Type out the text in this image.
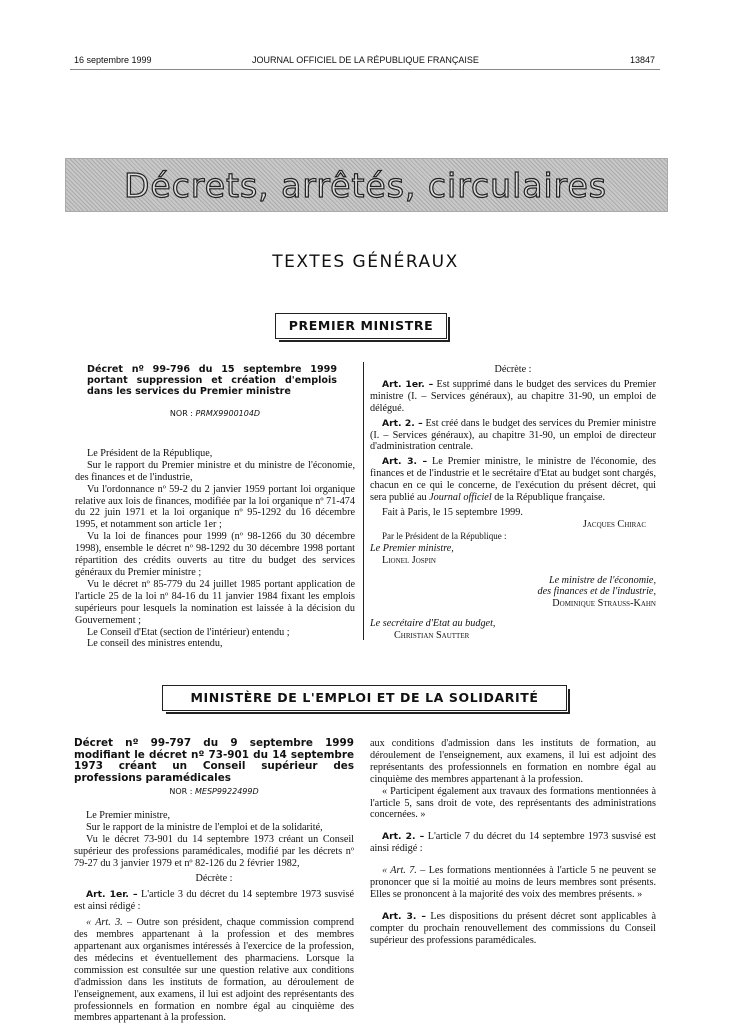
16 septembre 1999	JOURNAL OFFICIEL DE LA RÉPUBLIQUE FRANÇAISE	13847
Décrets, arrêtés, circulaires
TEXTES GÉNÉRAUX
PREMIER MINISTRE
Décret nº 99-796 du 15 septembre 1999 portant suppression et création d'emplois dans les services du Premier ministre
NOR : PRMX9900104D

Le Président de la République,

Sur le rapport du Premier ministre et du ministre de l'économie, des finances et de l'industrie,

Vu l'ordonnance nº 59-2 du 2 janvier 1959 portant loi organique relative aux lois de finances, modifiée par la loi organique nº 71-474 du 22 juin 1971 et la loi organique nº 95-1292 du 16 décembre 1995, et notamment son article 1er ;

Vu la loi de finances pour 1999 (nº 98-1266 du 30 décembre 1998), ensemble le décret nº 98-1292 du 30 décembre 1998 portant répartition des crédits ouverts au titre du budget des services généraux du Premier ministre ;

Vu le décret nº 85-779 du 24 juillet 1985 portant application de l'article 25 de la loi nº 84-16 du 11 janvier 1984 fixant les emplois supérieurs pour lesquels la nomination est laissée à la décision du Gouvernement ;

Le Conseil d'Etat (section de l'intérieur) entendu ;

Le conseil des ministres entendu,

Décrète :

Art. 1er. – Est supprimé dans le budget des services du Premier ministre (I. – Services généraux), au chapitre 31-90, un emploi de délégué.

Art. 2. – Est créé dans le budget des services du Premier ministre (I. – Services généraux), au chapitre 31-90, un emploi de directeur d'administration centrale.

Art. 3. – Le Premier ministre, le ministre de l'économie, des finances et de l'industrie et le secrétaire d'Etat au budget sont chargés, chacun en ce qui le concerne, de l'exécution du présent décret, qui sera publié au Journal officiel de la République française.

Fait à Paris, le 15 septembre 1999.

Jacques Chirac
Par le Président de la République :
Le Premier ministre,
Lionel Jospin
Le ministre de l'économie,
des finances et de l'industrie,
Dominique Strauss-Kahn
Le secrétaire d'Etat au budget,
Christian Sautter
MINISTÈRE DE L'EMPLOI ET DE LA SOLIDARITÉ
Décret nº 99-797 du 9 septembre 1999 modifiant le décret nº 73-901 du 14 septembre 1973 créant un Conseil supérieur des professions paramédicales
NOR : MESP9922499D

Le Premier ministre,

Sur le rapport de la ministre de l'emploi et de la solidarité,

Vu le décret 73-901 du 14 septembre 1973 créant un Conseil supérieur des professions paramédicales, modifié par les décrets nº 79-27 du 3 janvier 1979 et nº 82-126 du 2 février 1982,

Décrète :

Art. 1er. – L'article 3 du décret du 14 septembre 1973 susvisé est ainsi rédigé :

« Art. 3. – Outre son président, chaque commission comprend des membres appartenant à la profession et des membres appartenant aux organismes intéressés à l'exercice de la profession, des médecins et éventuellement des pharmaciens. Lorsque la commission est consultée sur une question relative aux conditions d'admission dans les instituts de formation, au déroulement de l'enseignement, aux examens, il lui est adjoint des représentants des professionnels en formation en nombre égal au cinquième des membres appartenant à la profession.

aux conditions d'admission dans les instituts de formation, au déroulement de l'enseignement, aux examens, il lui est adjoint des représentants des professionnels en formation en nombre égal au cinquième des membres appartenant à la profession.

« Participent également aux travaux des formations mentionnées à l'article 5, sans droit de vote, des représentants des administrations concernées. »

Art. 2. – L'article 7 du décret du 14 septembre 1973 susvisé est ainsi rédigé :

« Art. 7. – Les formations mentionnées à l'article 5 ne peuvent se prononcer que si la moitié au moins de leurs membres sont présents. Elles se prononcent à la majorité des voix des membres présents. »

Art. 3. – Les dispositions du présent décret sont applicables à compter du prochain renouvellement des commissions du Conseil supérieur des professions paramédicales.
